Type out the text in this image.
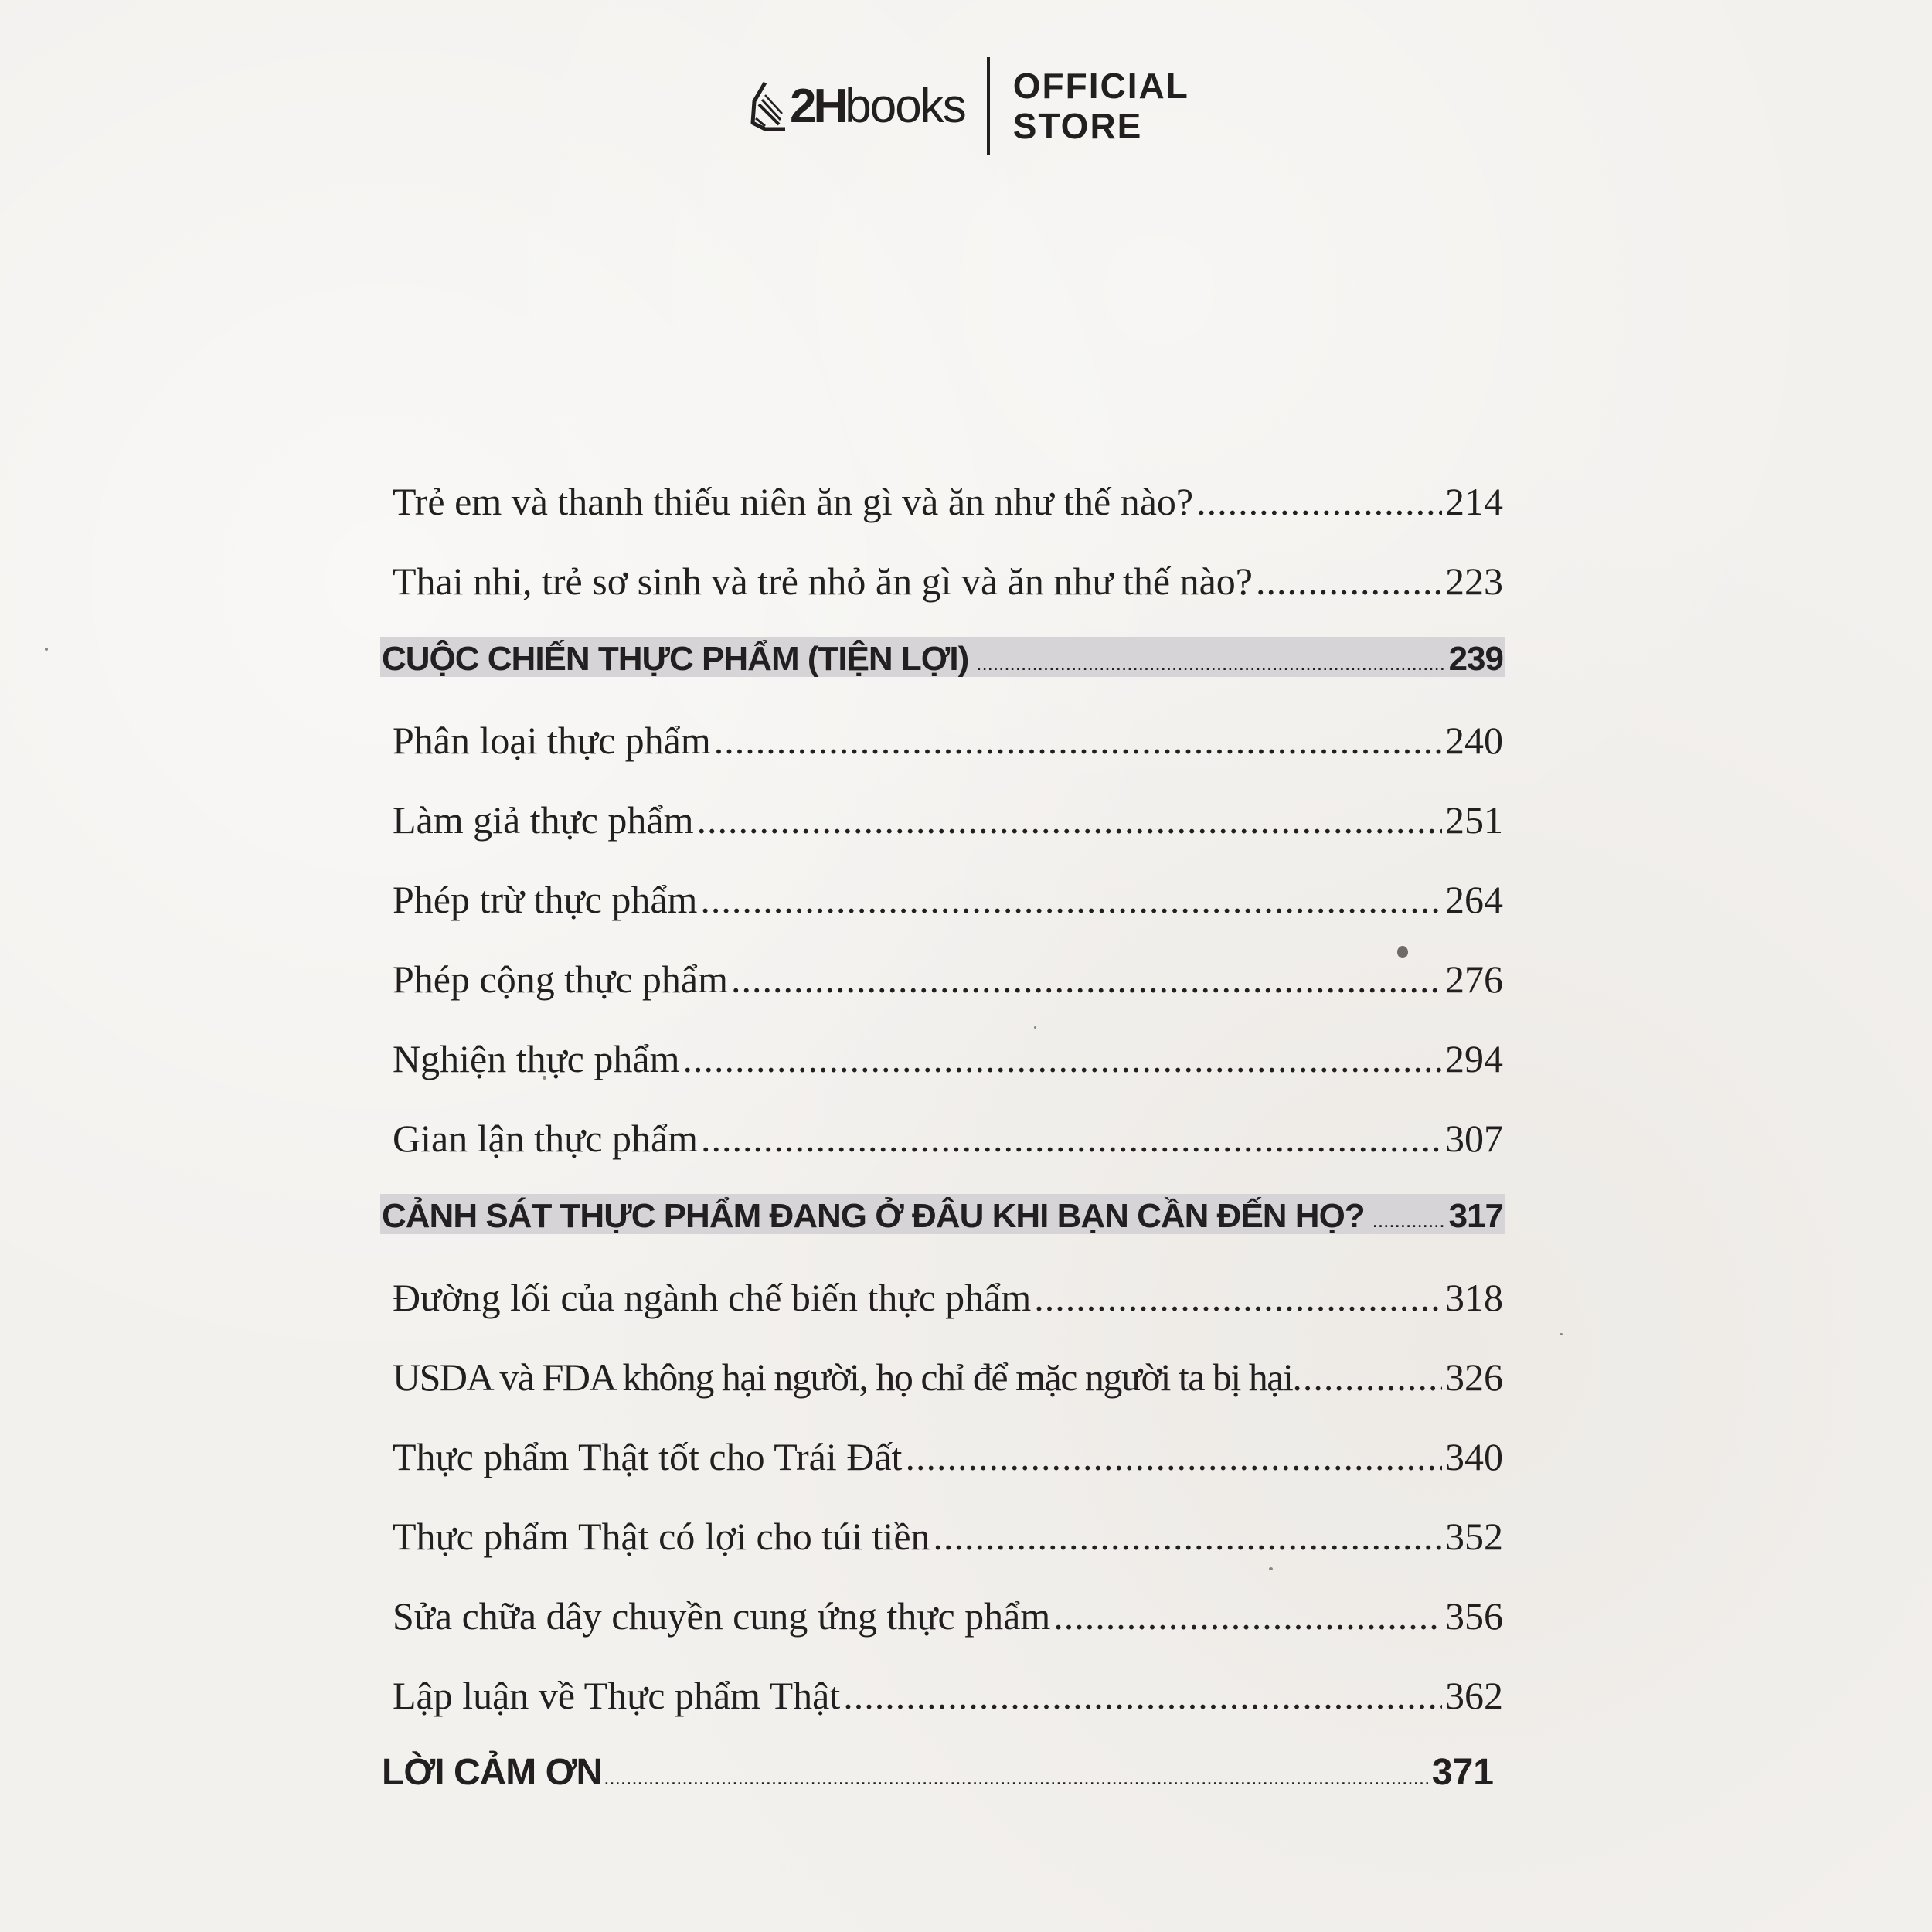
2H books OFFICIAL
STORE
Trẻ em và thanh thiếu niên ăn gì và ăn như thế nào? .....	214
Thai nhi, trẻ sơ sinh và trẻ nhỏ ăn gì và ăn như thế nào? .....	223
CUỘC CHIẾN THỰC PHẨM (TIỆN LỢI) .....	239
Phân loại thực phẩm .....	240
Làm giả thực phẩm .....	251
Phép trừ thực phẩm .....	264
Phép cộng thực phẩm .....	276
Nghiện thực phẩm .....	294
Gian lận thực phẩm .....	307
CẢNH SÁT THỰC PHẨM ĐANG Ở ĐÂU KHI BẠN CẦN ĐẾN HỌ? ..... 317
Đường lối của ngành chế biến thực phẩm .....	318
USDA và FDA không hại người, họ chỉ để mặc người ta bị hại .....	326
Thực phẩm Thật tốt cho Trái Đất .....	340
Thực phẩm Thật có lợi cho túi tiền .....	352
Sửa chữa dây chuyền cung ứng thực phẩm .....	356
Lập luận về Thực phẩm Thật .....	362
LỜI CẢM ƠN .....	371
